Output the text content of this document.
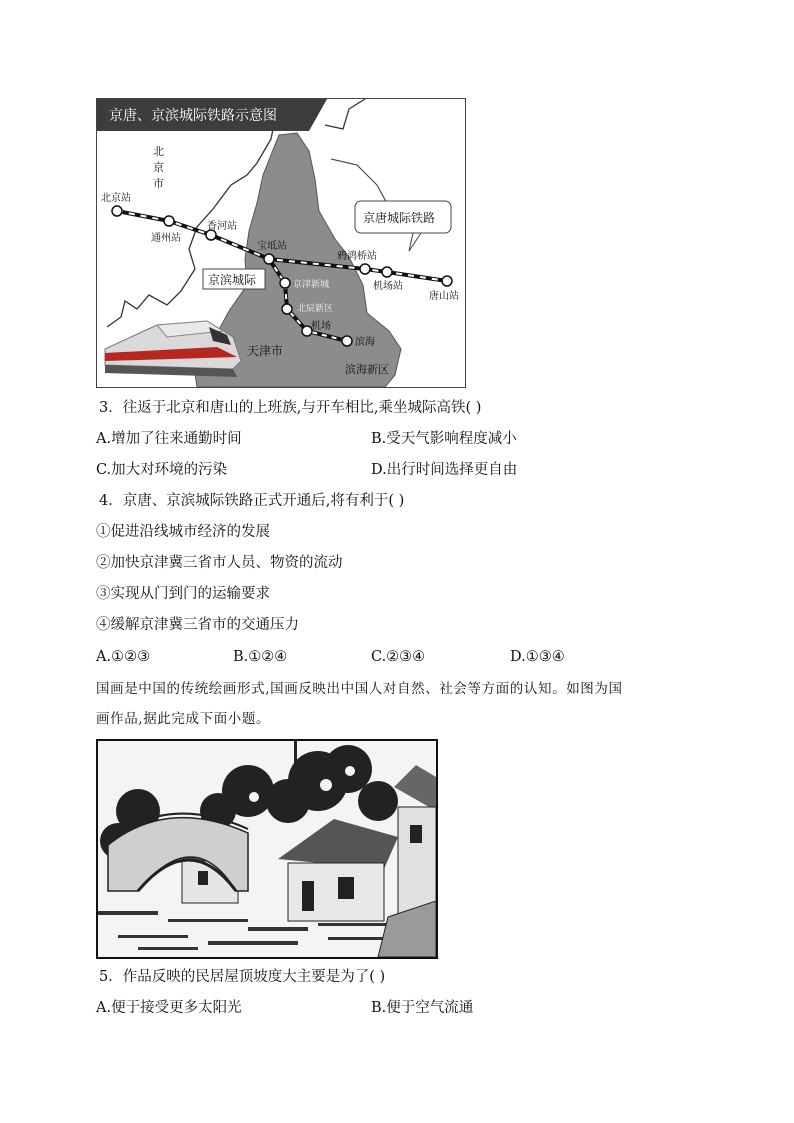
京唐、京滨城际铁路示意图
北
京
市
北京站
通州站
香河站
宝坻站
鸦鸿桥站
机场站
唐山站
京津新城
北辰新区
机场
滨海
京唐城际铁路
京滨城际
天津市
滨海新区
3．往返于北京和唐山的上班族,与开车相比,乘坐城际高铁( )
A.增加了往来通勤时间	B.受天气影响程度减小
C.加大对环境的污染	D.出行时间选择更自由
4．京唐、京滨城际铁路正式开通后,将有利于( )
①促进沿线城市经济的发展
②加快京津冀三省市人员、物资的流动
③实现从门到门的运输要求
④缓解京津冀三省市的交通压力
A.①②③	B.①②④	C.②③④	D.①③④
国画是中国的传统绘画形式,国画反映出中国人对自然、社会等方面的认知。如图为国
画作品,据此完成下面小题。
5．作品反映的民居屋顶坡度大主要是为了( )
A.便于接受更多太阳光	B.便于空气流通
